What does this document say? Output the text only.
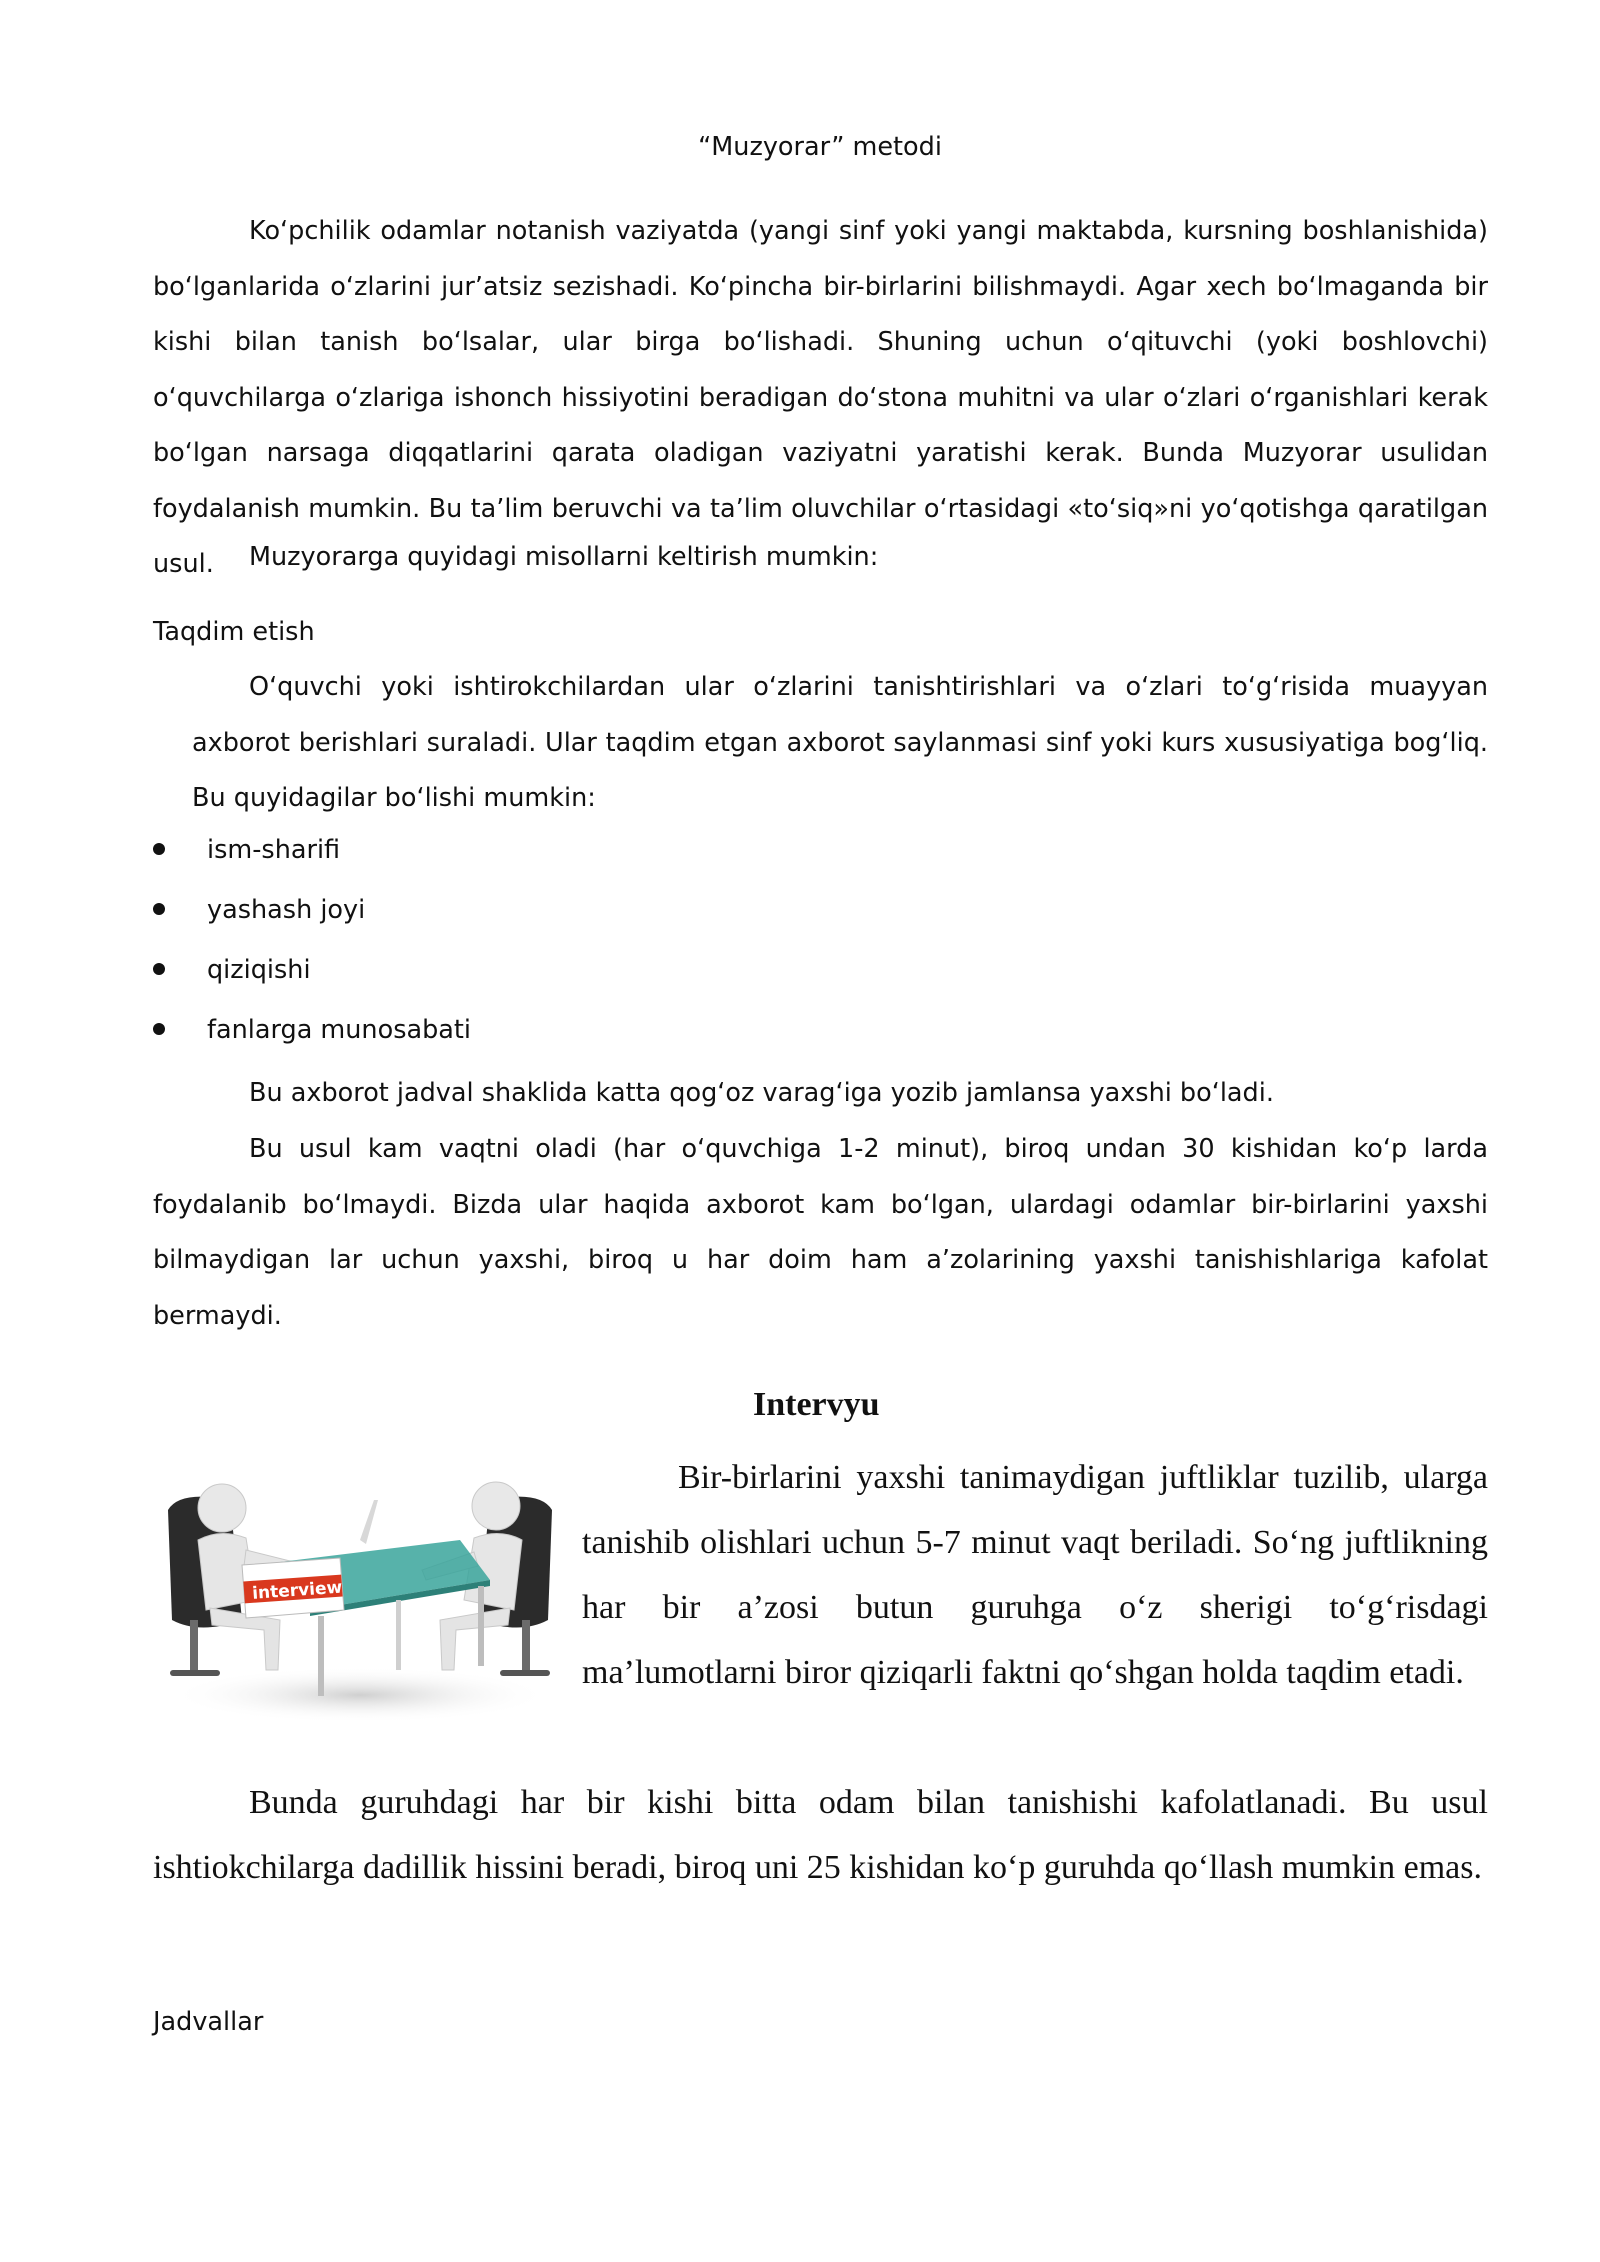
“Muzyorar” metodi

Ko‘pchilik odamlar notanish vaziyatda (yangi sinf yoki yangi maktabda, kursning boshlanishida) bo‘lganlarida o‘zlarini jur’atsiz sezishadi. Ko‘pincha bir-birlarini bilishmaydi. Agar xech bo‘lmaganda bir kishi bilan tanish bo‘lsalar, ular birga bo‘lishadi. Shuning uchun o‘qituvchi (yoki boshlovchi) o‘quvchilarga o‘zlariga ishonch hissiyotini beradigan do‘stona muhitni va ular o‘zlari o‘rganishlari kerak bo‘lgan narsaga diqqatlarini qarata oladigan vaziyatni yaratishi kerak. Bunda Muzyorar usulidan foydalanish mumkin. Bu ta’lim beruvchi va ta’lim oluvchilar o‘rtasidagi «to‘siq»ni yo‘qotishga qaratilgan usul.	Muzyorarga quyidagi misollarni keltirish mumkin:

Taqdim etish

O‘quvchi yoki ishtirokchilardan ular o‘zlarini tanishtirishlari va o‘zlari to‘g‘risida muayyan axborot berishlari suraladi. Ular taqdim etgan axborot saylanmasi sinf yoki kurs xususiyatiga bog‘liq. Bu quyidagilar bo‘lishi mumkin:

ism-sharifi
yashash joyi
qiziqishi
fanlarga munosabati

Bu axborot jadval shaklida katta qog‘oz varag‘iga yozib jamlansa yaxshi bo‘ladi.

Bu usul kam vaqtni oladi (har o‘quvchiga 1-2 minut), biroq undan 30 kishidan ko‘p larda foydalanib bo‘lmaydi. Bizda ular haqida axborot kam bo‘lgan, ulardagi odamlar bir-birlarini yaxshi bilmaydigan lar uchun yaxshi, biroq u har doim ham a’zolarining yaxshi tanishishlariga kafolat bermaydi.

Intervyu
interview

Bir-birlarini yaxshi tanimaydigan juftliklar tuzilib, ularga tanishib olishlari uchun 5-7 minut vaqt beriladi. So‘ng juftlikning har bir a’zosi butun guruhga o‘z sherigi to‘g‘risdagi ma’lumotlarni biror qiziqarli faktni qo‘shgan holda taqdim etadi.

Bunda guruhdagi har bir kishi bitta odam bilan tanishishi kafolatlanadi. Bu usul ishtiokchilarga dadillik hissini beradi, biroq uni 25 kishidan ko‘p guruhda qo‘llash mumkin emas.

Jadvallar
